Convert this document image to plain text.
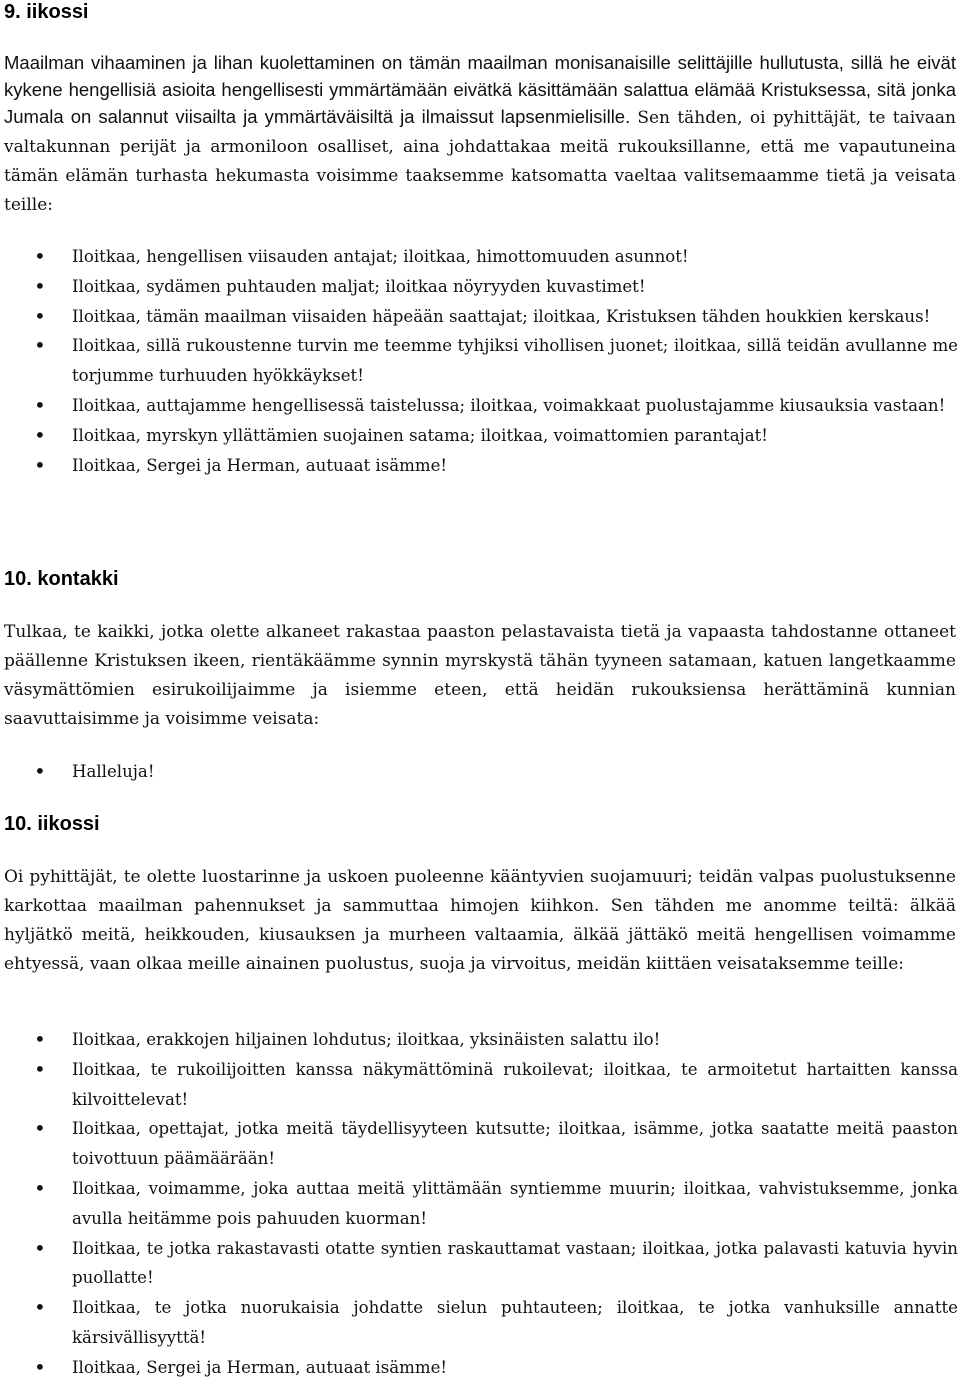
9. iikossi

Maailman vihaaminen ja lihan kuolettaminen on tämän maailman monisanaisille selittäjille hullutusta, sillä he eivät kykene hengellisiä asioita hengellisesti ymmärtämään eivätkä käsittämään salattua elämää Kristuksessa, sitä jonka Jumala on salannut viisailta ja ymmärtäväisiltä ja ilmaissut lapsenmielisille. Sen tähden, oi pyhittäjät, te taivaan valtakunnan perijät ja armoniloon osalliset, aina johdattakaa meitä rukouksillanne, että me vapautuneina tämän elämän turhasta hekumasta voisimme taaksemme katsomatta vaeltaa valitsemaamme tietä ja veisata teille:

• Iloitkaa, hengellisen viisauden antajat; iloitkaa, himottomuuden asunnot!
• Iloitkaa, sydämen puhtauden maljat; iloitkaa nöyryyden kuvastimet!
• Iloitkaa, tämän maailman viisaiden häpeään saattajat; iloitkaa, Kristuksen tähden houkkien kerskaus!
• Iloitkaa, sillä rukoustenne turvin me teemme tyhjiksi vihollisen juonet; iloitkaa, sillä teidän avullanne me torjumme turhuuden hyökkäykset!
• Iloitkaa, auttajamme hengellisessä taistelussa; iloitkaa, voimakkaat puolustajamme kiusauksia vastaan!
• Iloitkaa, myrskyn yllättämien suojainen satama; iloitkaa, voimattomien parantajat!
• Iloitkaa, Sergei ja Herman, autuaat isämme!
10. kontakki

Tulkaa, te kaikki, jotka olette alkaneet rakastaa paaston pelastavaista tietä ja vapaasta tahdostanne ottaneet päällenne Kristuksen ikeen, rientäkäämme synnin myrskystä tähän tyyneen satamaan, katuen langetkaamme väsymättömien esirukoilijaimme ja isiemme eteen, että heidän rukouksiensa herättäminä kunnian saavuttaisimme ja voisimme veisata:

• Halleluja!
10. iikossi

Oi pyhittäjät, te olette luostarinne ja uskoen puoleenne kääntyvien suojamuuri; teidän valpas puolustuksenne karkottaa maailman pahennukset ja sammuttaa himojen kiihkon. Sen tähden me anomme teiltä: älkää hyljätkö meitä, heikkouden, kiusauksen ja murheen valtaamia, älkää jättäkö meitä hengellisen voimamme ehtyessä, vaan olkaa meille ainainen puolustus, suoja ja virvoitus, meidän kiittäen veisataksemme teille:

• Iloitkaa, erakkojen hiljainen lohdutus; iloitkaa, yksinäisten salattu ilo!
• Iloitkaa, te rukoilijoitten kanssa näkymättöminä rukoilevat; iloitkaa, te armoitetut hartaitten kanssa kilvoittelevat!
• Iloitkaa, opettajat, jotka meitä täydellisyyteen kutsutte; iloitkaa, isämme, jotka saatatte meitä paaston toivottuun päämäärään!
• Iloitkaa, voimamme, joka auttaa meitä ylittämään syntiemme muurin; iloitkaa, vahvistuksemme, jonka avulla heitämme pois pahuuden kuorman!
• Iloitkaa, te jotka rakastavasti otatte syntien raskauttamat vastaan; iloitkaa, jotka palavasti katuvia hyvin puollatte!
• Iloitkaa, te jotka nuorukaisia johdatte sielun puhtauteen; iloitkaa, te jotka vanhuksille annatte kärsivällisyyttä!
• Iloitkaa, Sergei ja Herman, autuaat isämme!
